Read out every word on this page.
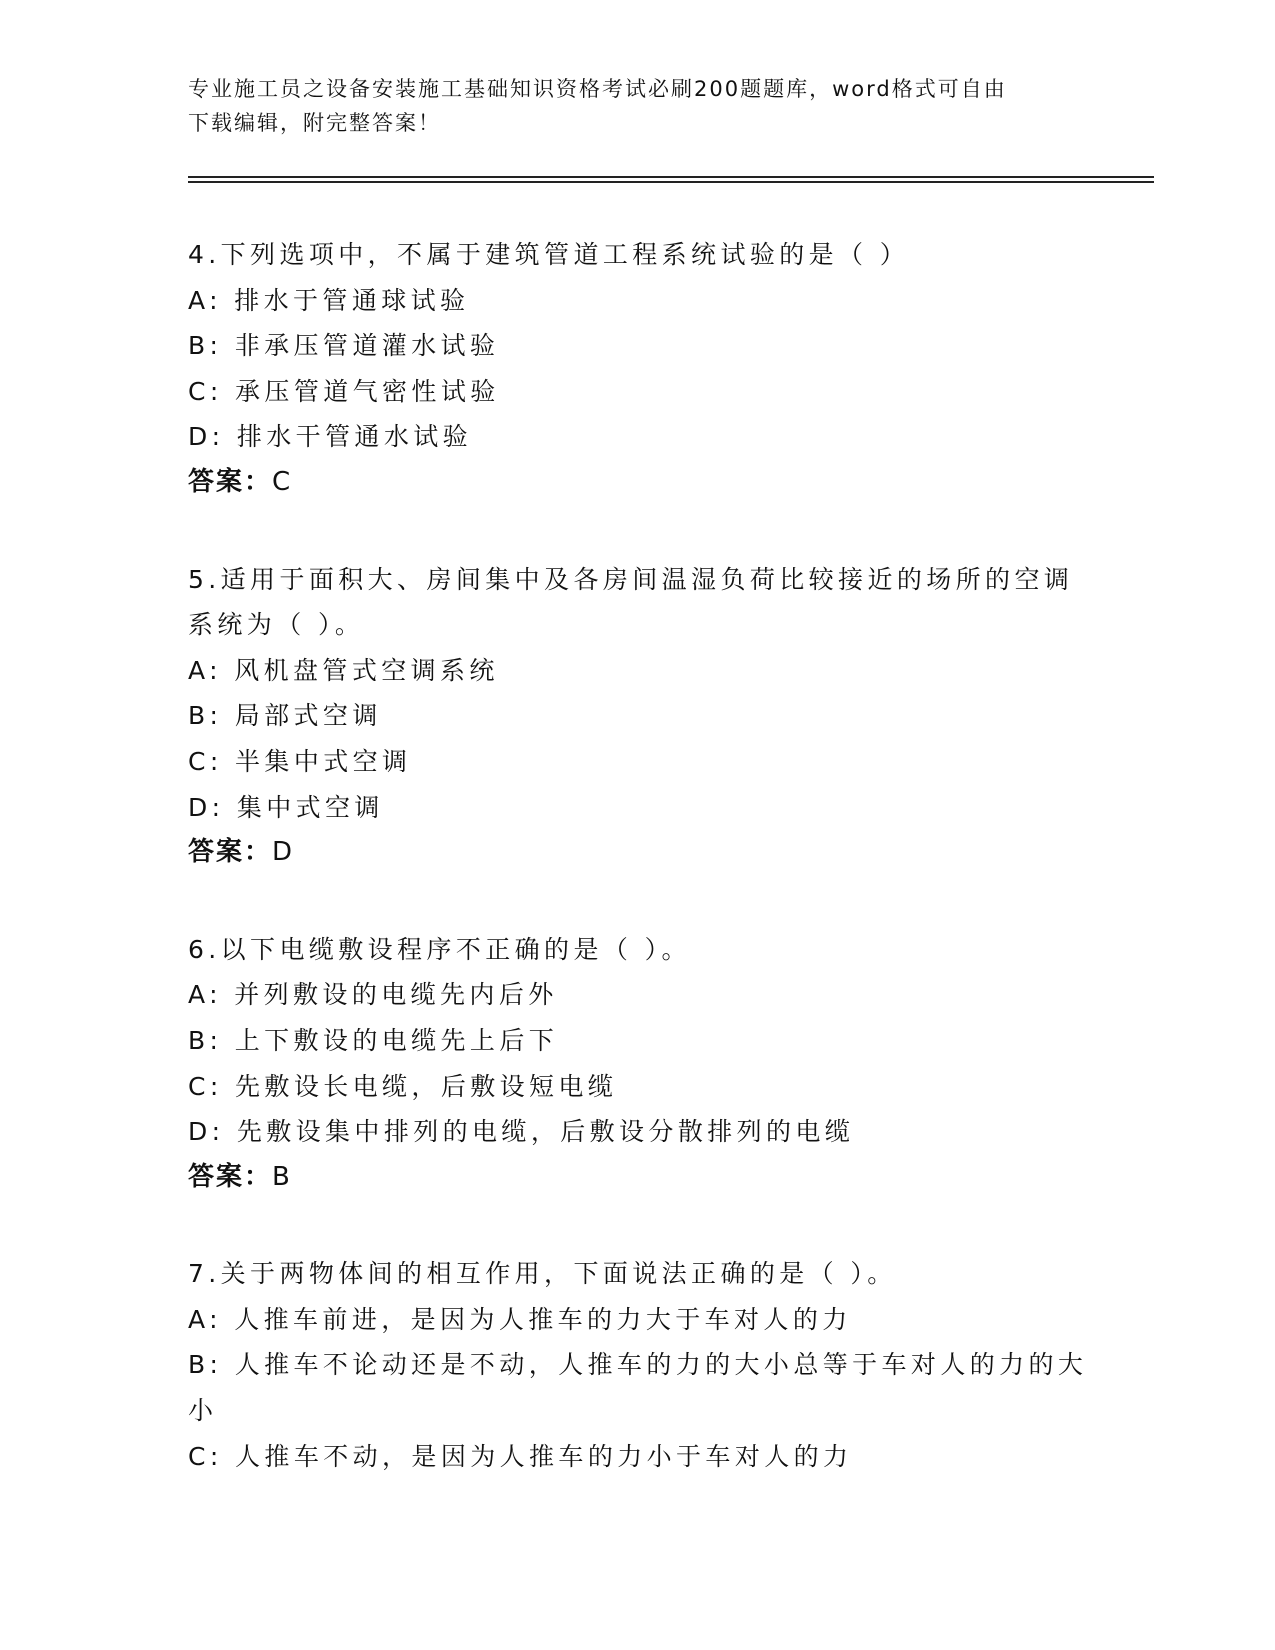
专业施工员之设备安装施工基础知识资格考试必刷200题题库，word格式可自由
下载编辑，附完整答案！
4.下列选项中，不属于建筑管道工程系统试验的是（ ）
A: 排水于管通球试验
B: 非承压管道灌水试验
C: 承压管道气密性试验
D: 排水干管通水试验
答案：C
5.适用于面积大、房间集中及各房间温湿负荷比较接近的场所的空调系统为（ ）。
A: 风机盘管式空调系统
B: 局部式空调
C: 半集中式空调
D: 集中式空调
答案：D
6.以下电缆敷设程序不正确的是（ ）。
A: 并列敷设的电缆先内后外
B: 上下敷设的电缆先上后下
C: 先敷设长电缆，后敷设短电缆
D: 先敷设集中排列的电缆，后敷设分散排列的电缆
答案：B
7.关于两物体间的相互作用，下面说法正确的是（ ）。
A: 人推车前进，是因为人推车的力大于车对人的力
B: 人推车不论动还是不动，人推车的力的大小总等于车对人的力的大小
C: 人推车不动，是因为人推车的力小于车对人的力
